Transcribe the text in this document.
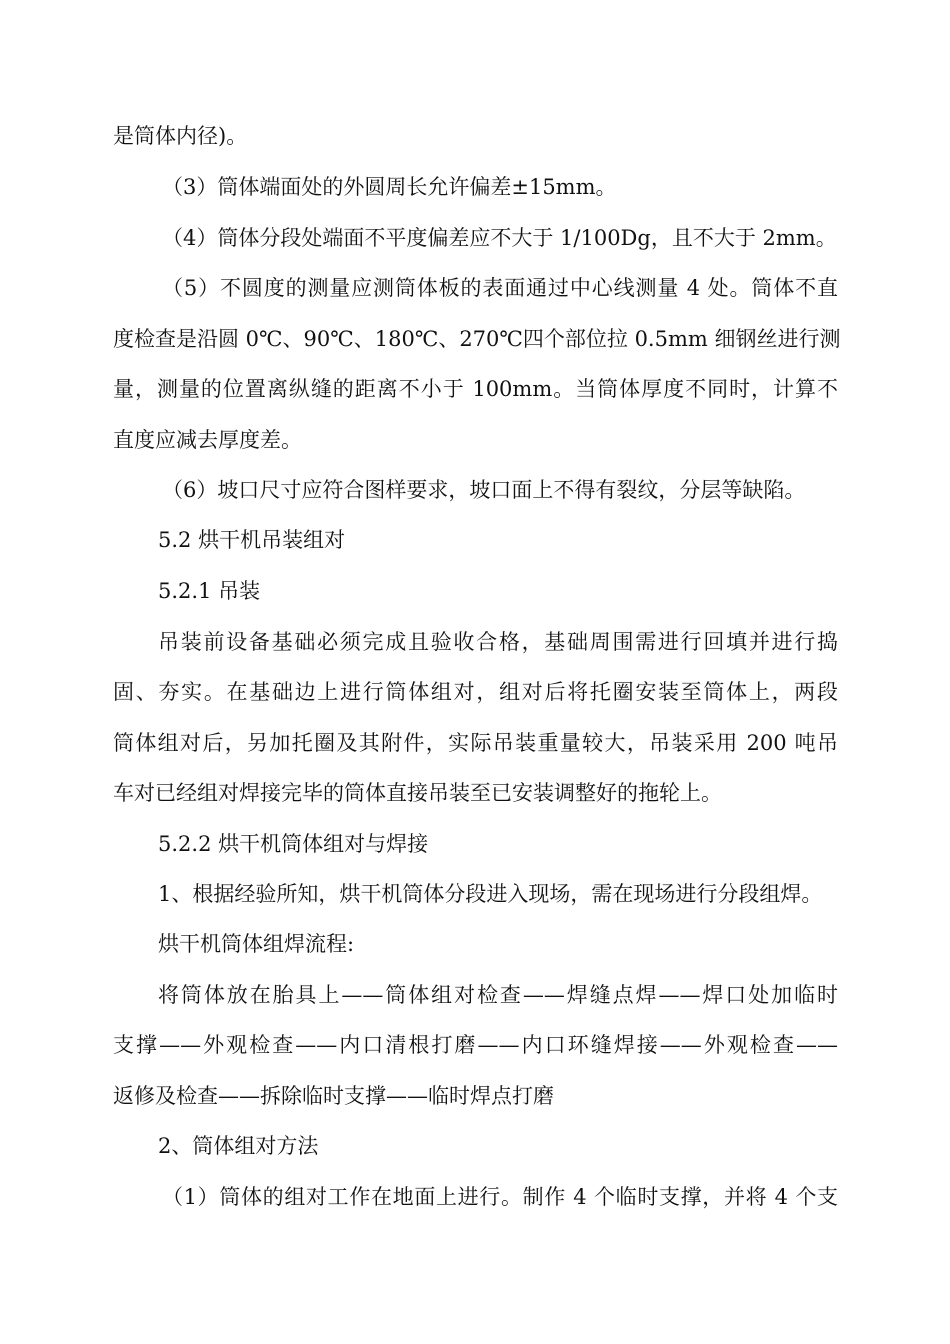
是筒体内径)。
（3）筒体端面处的外圆周长允许偏差±15mm。
（4）筒体分段处端面不平度偏差应不大于 1/100Dg，且不大于 2mm。
（5）不圆度的测量应测筒体板的表面通过中心线测量 4 处。筒体不直
度检查是沿圆 0℃、90℃、180℃、270℃四个部位拉 0.5mm 细钢丝进行测
量，测量的位置离纵缝的距离不小于 100mm。当筒体厚度不同时，计算不
直度应减去厚度差。
（6）坡口尺寸应符合图样要求，坡口面上不得有裂纹，分层等缺陷。
5.2 烘干机吊装组对
5.2.1 吊装
吊装前设备基础必须完成且验收合格，基础周围需进行回填并进行捣
固、夯实。在基础边上进行筒体组对，组对后将托圈安装至筒体上，两段
筒体组对后，另加托圈及其附件，实际吊装重量较大，吊装采用 200 吨吊
车对已经组对焊接完毕的筒体直接吊装至已安装调整好的拖轮上。
5.2.2 烘干机筒体组对与焊接
1、根据经验所知，烘干机筒体分段进入现场，需在现场进行分段组焊。
烘干机筒体组焊流程:
将筒体放在胎具上——筒体组对检查——焊缝点焊——焊口处加临时
支撑——外观检查——内口清根打磨——内口环缝焊接——外观检查——
返修及检查——拆除临时支撑——临时焊点打磨
2、筒体组对方法
（1）筒体的组对工作在地面上进行。制作 4 个临时支撑，并将 4 个支
